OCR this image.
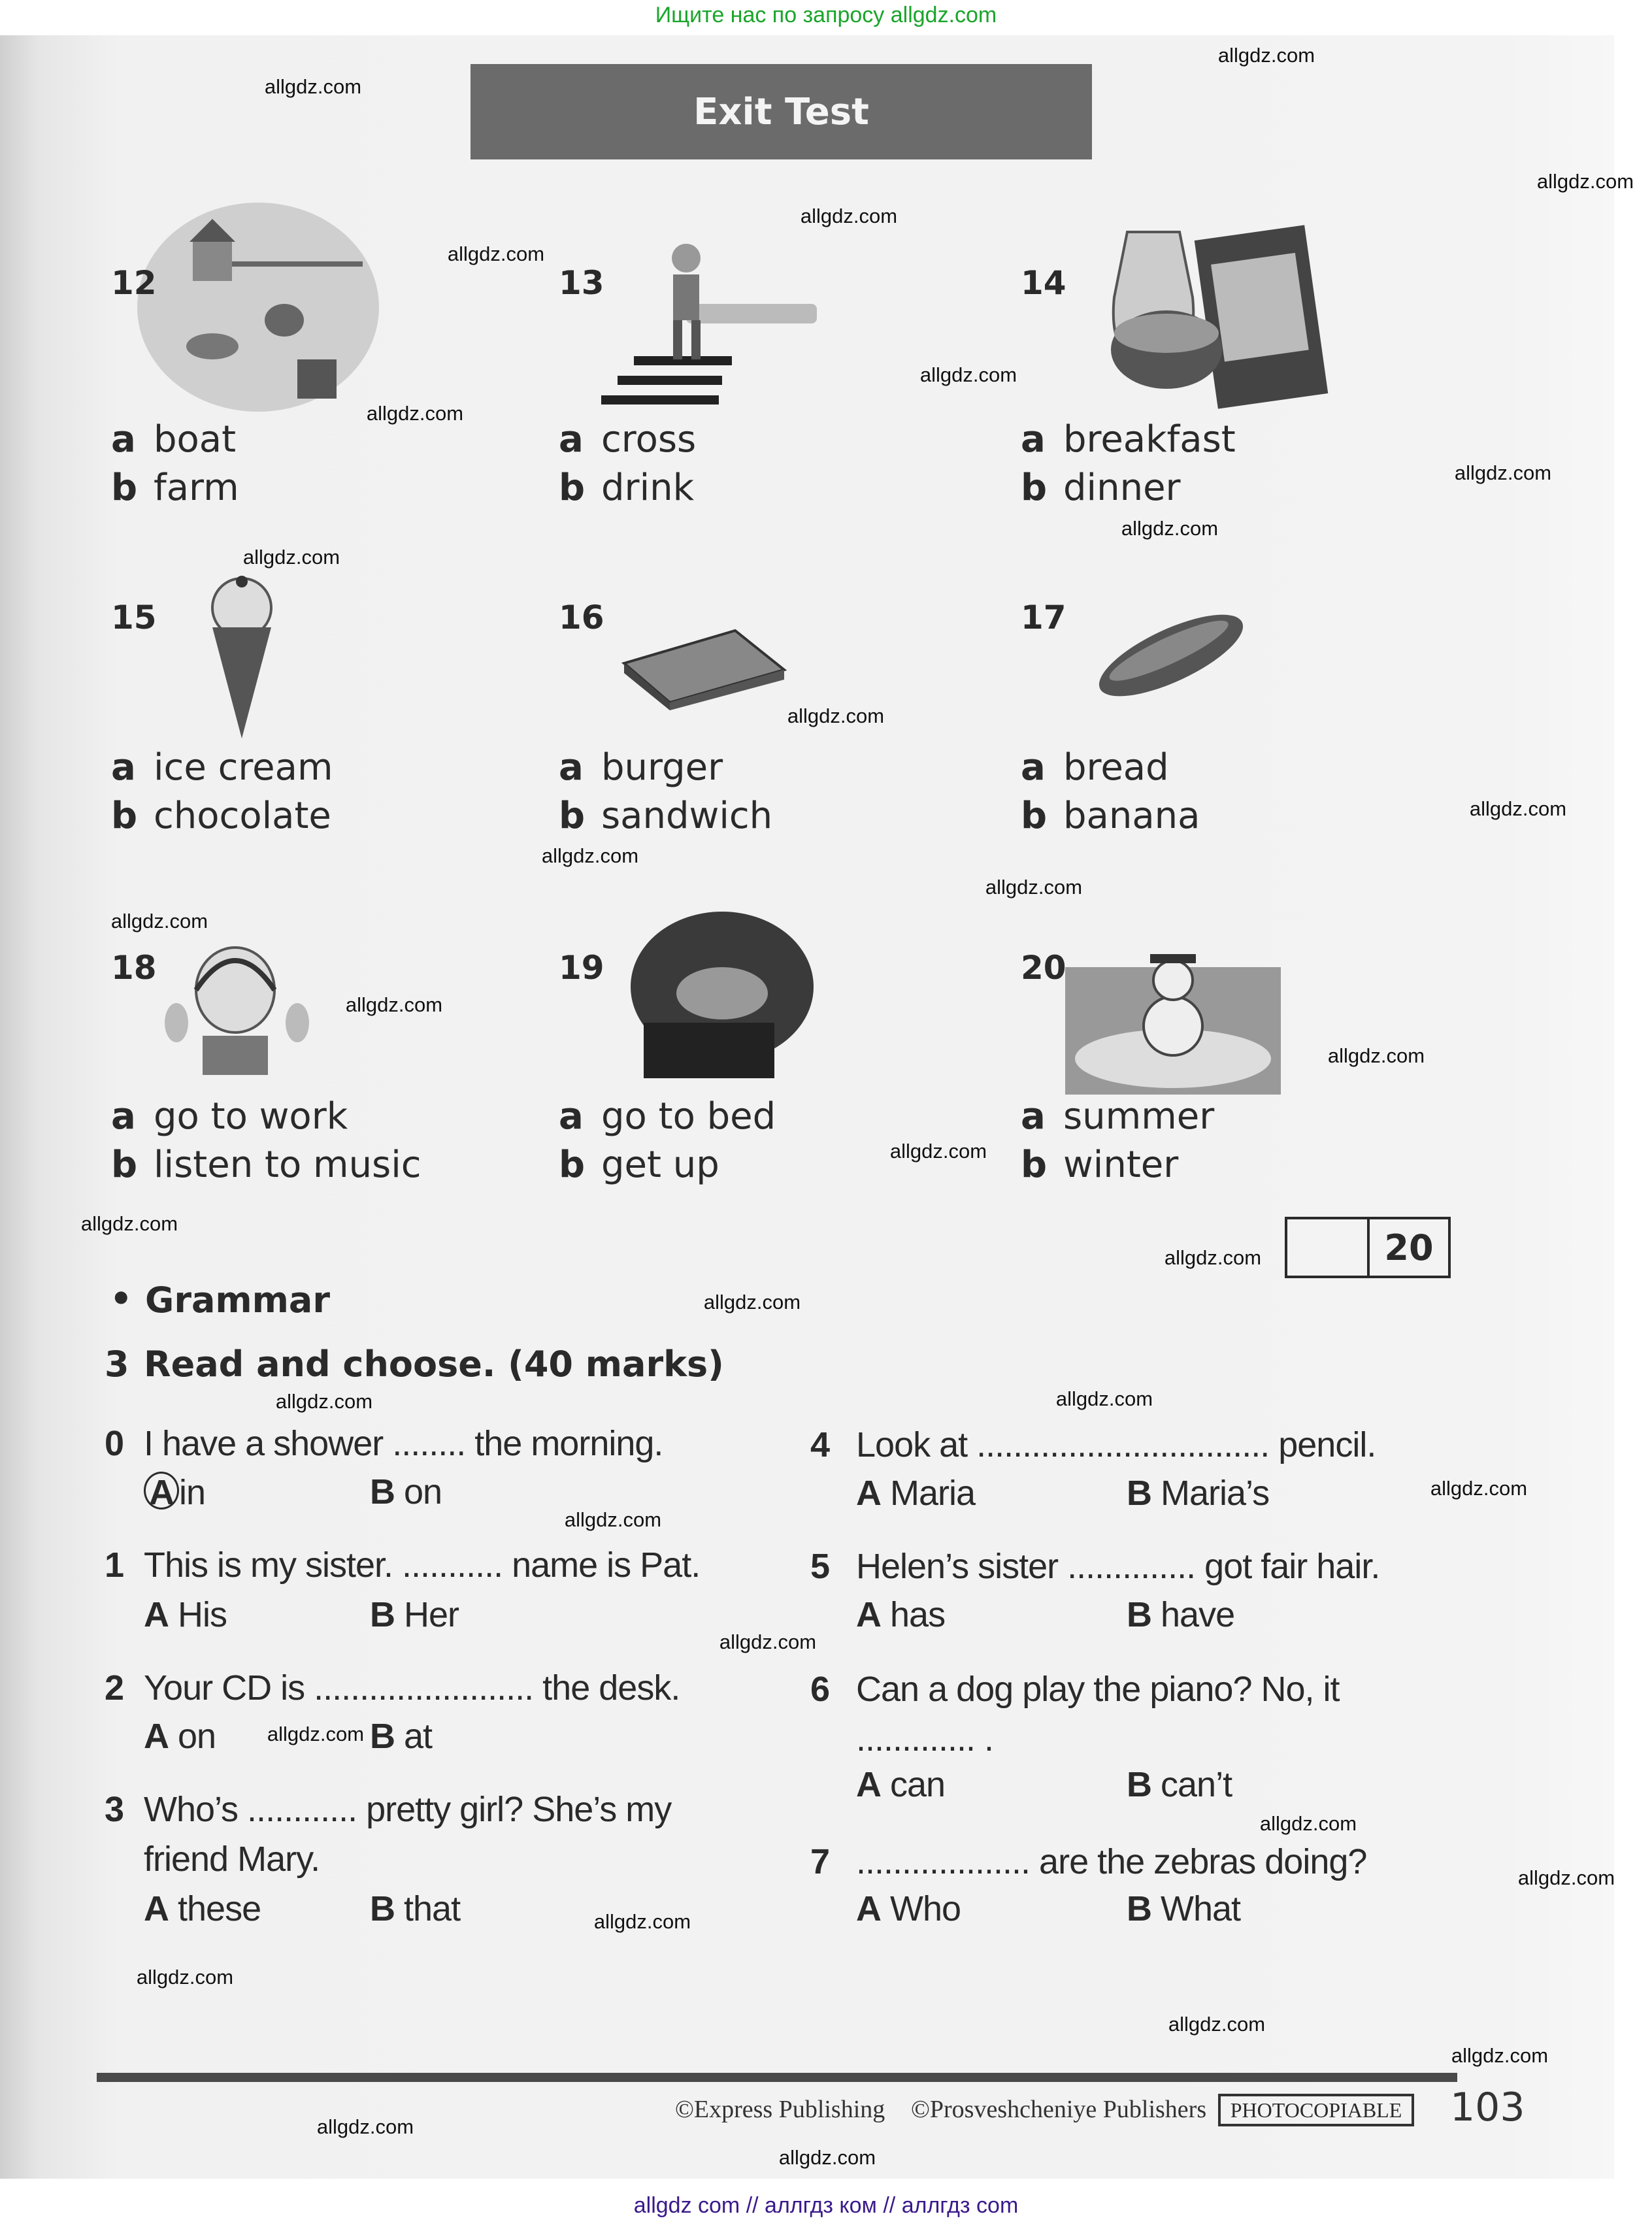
Ищите нас по запросу allgdz.com
Exit Test
12
a boat
b farm
13
a cross
b drink
14
a breakfast
b dinner
15
a ice cream
b chocolate
16
a burger
b sandwich
17
a bread
b banana
18
a go to work
b listen to music
19
a go to bed
b get up
20
a summer
b winter
20
• Grammar
3 Read and choose. (40 marks)
0 I have a shower ........ the morning.
A in	B on
1 This is my sister. ........... name is Pat.
A His	B Her
2 Your CD is ........................ the desk.
A on	B at
3 Who’s ............ pretty girl? She’s my
friend Mary.
A these	B that
4 Look at ................................ pencil.
A Maria	B Maria’s
5 Helen’s sister .............. got fair hair.
A has	B have
6 Can a dog play the piano? No, it
............. .
A can	B can’t
7 ................... are the zebras doing?
A Who	B What
©Express Publishing ©Prosveshcheniye Publishers	PHOTOCOPIABLE	103
allgdz com // аллгдз ком // аллгдз com
allgdz.com
allgdz.com
allgdz.com
allgdz.com
allgdz.com
allgdz.com
allgdz.com
allgdz.com
allgdz.com
allgdz.com
allgdz.com
allgdz.com
allgdz.com
allgdz.com
allgdz.com
allgdz.com
allgdz.com
allgdz.com
allgdz.com
allgdz.com
allgdz.com
allgdz.com	allgdz.com
allgdz.com
allgdz.com
allgdz.com
allgdz.com
allgdz.com
allgdz.com
allgdz.com
allgdz.com
allgdz.com
allgdz.com
allgdz.com
allgdz.com
